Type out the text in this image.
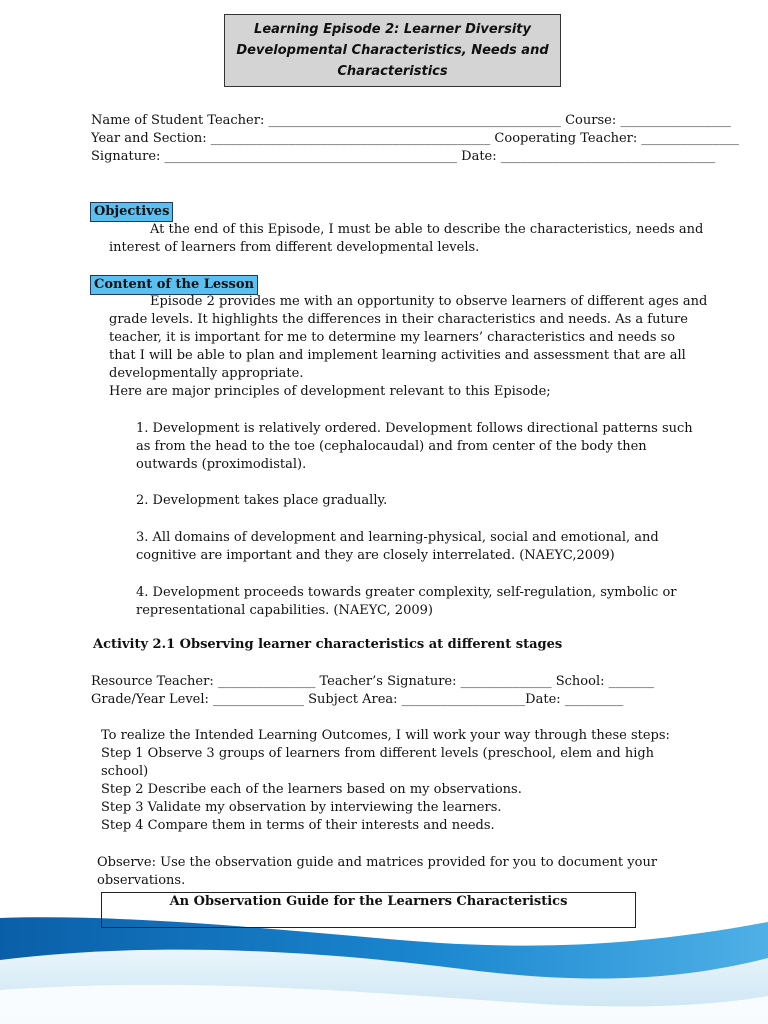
Learning Episode 2: Learner Diversity
Developmental Characteristics, Needs and
Characteristics
Name of Student Teacher: _____________________________________________ Course: _________________
Year and Section: ___________________________________________ Cooperating Teacher: _______________
Signature: _____________________________________________ Date: _________________________________
Objectives
At the end of this Episode, I must be able to describe the characteristics, needs and
interest of learners from different developmental levels.
Content of the Lesson
Episode 2 provides me with an opportunity to observe learners of different ages and
grade levels. It highlights the differences in their characteristics and needs. As a future
teacher, it is important for me to determine my learners’ characteristics and needs so
that I will be able to plan and implement learning activities and assessment that are all
developmentally appropriate.
Here are major principles of development relevant to this Episode;
1. Development is relatively ordered. Development follows directional patterns such
as from the head to the toe (cephalocaudal) and from center of the body then
outwards (proximodistal).
2. Development takes place gradually.
3. All domains of development and learning-physical, social and emotional, and
cognitive are important and they are closely interrelated. (NAEYC,2009)
4. Development proceeds towards greater complexity, self-regulation, symbolic or
representational capabilities. (NAEYC, 2009)
Activity 2.1 Observing learner characteristics at different stages
Resource Teacher: _______________ Teacher’s Signature: ______________ School: _______
Grade/Year Level: ______________ Subject Area: ___________________Date: _________
To realize the Intended Learning Outcomes, I will work your way through these steps:
Step 1 Observe 3 groups of learners from different levels (preschool, elem and high
school)
Step 2 Describe each of the learners based on my observations.
Step 3 Validate my observation by interviewing the learners.
Step 4 Compare them in terms of their interests and needs.
Observe: Use the observation guide and matrices provided for you to document your
observations.
An Observation Guide for the Learners Characteristics
